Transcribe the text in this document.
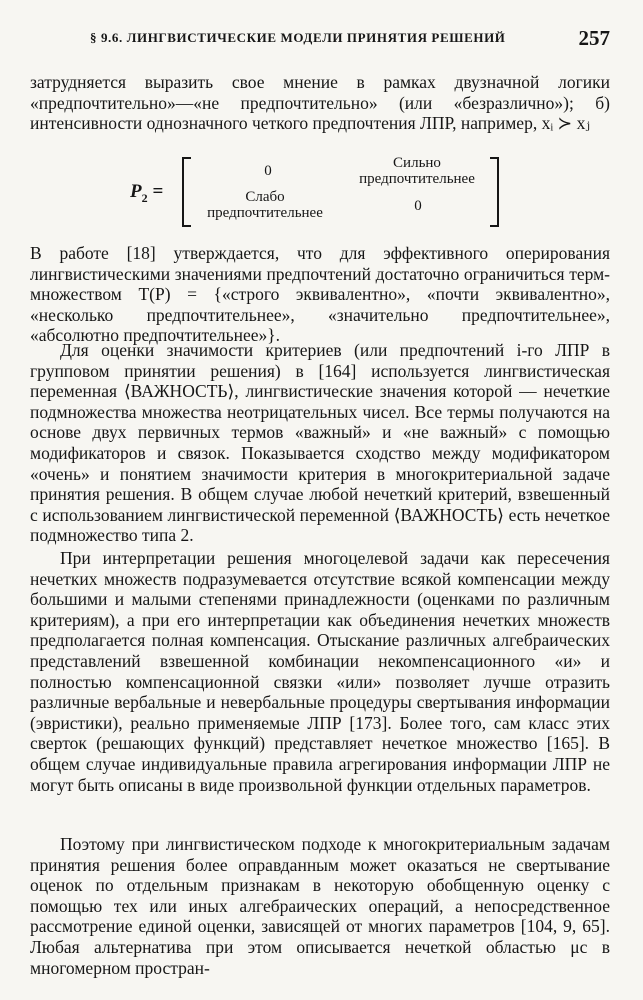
§ 9.6. ЛИНГВИСТИЧЕСКИЕ МОДЕЛИ ПРИНЯТИЯ РЕШЕНИЙ	257

затрудняется выразить свое мнение в рамках двузначной логики «предпочтительно»—«не предпочтительно» (или «безразлично»); б) интенсивности однозначного четкого предпочтения ЛПР, например, xᵢ ≻ xⱼ

$P_2$ =
0	Сильно предпочтительнее
Слабо предпочтительнее	0

В работе [18] утверждается, что для эффективного оперирования лингвистическими значениями предпочтений достаточно ограничиться терм-множеством T(P) = {«строго эквивалентно», «почти эквивалентно», «несколько предпочтительнее», «значительно предпочтительнее», «абсолютно предпочтительнее»}.

Для оценки значимости критериев (или предпочтений i-го ЛПР в групповом принятии решения) в [164] используется лингвистическая переменная ⟨ВАЖНОСТЬ⟩, лингвистические значения которой — нечеткие подмножества множества неотрицательных чисел. Все термы получаются на основе двух первичных термов «важный» и «не важный» с помощью модификаторов и связок. Показывается сходство между модификатором «очень» и понятием значимости критерия в многокритериальной задаче принятия решения. В общем случае любой нечеткий критерий, взвешенный с использованием лингвистической переменной ⟨ВАЖНОСТЬ⟩ есть нечеткое подмножество типа 2.

При интерпретации решения многоцелевой задачи как пересечения нечетких множеств подразумевается отсутствие всякой компенсации между большими и малыми степенями принадлежности (оценками по различным критериям), а при его интерпретации как объединения нечетких множеств предполагается полная компенсация. Отыскание различных алгебраических представлений взвешенной комбинации некомпенсационного «и» и полностью компенсационной связки «или» позволяет лучше отразить различные вербальные и невербальные процедуры свертывания информации (эвристики), реально применяемые ЛПР [173]. Более того, сам класс этих сверток (решающих функций) представляет нечеткое множество [165]. В общем случае индивидуальные правила агрегирования информации ЛПР не могут быть описаны в виде произвольной функции отдельных параметров.

Поэтому при лингвистическом подходе к многокритериальным задачам принятия решения более оправданным может оказаться не свертывание оценок по отдельным признакам в некоторую обобщенную оценку с помощью тех или иных алгебраических операций, а непосредственное рассмотрение единой оценки, зависящей от многих параметров [104, 9, 65]. Любая альтернатива при этом описывается нечеткой областью μc в многомерном простран-
